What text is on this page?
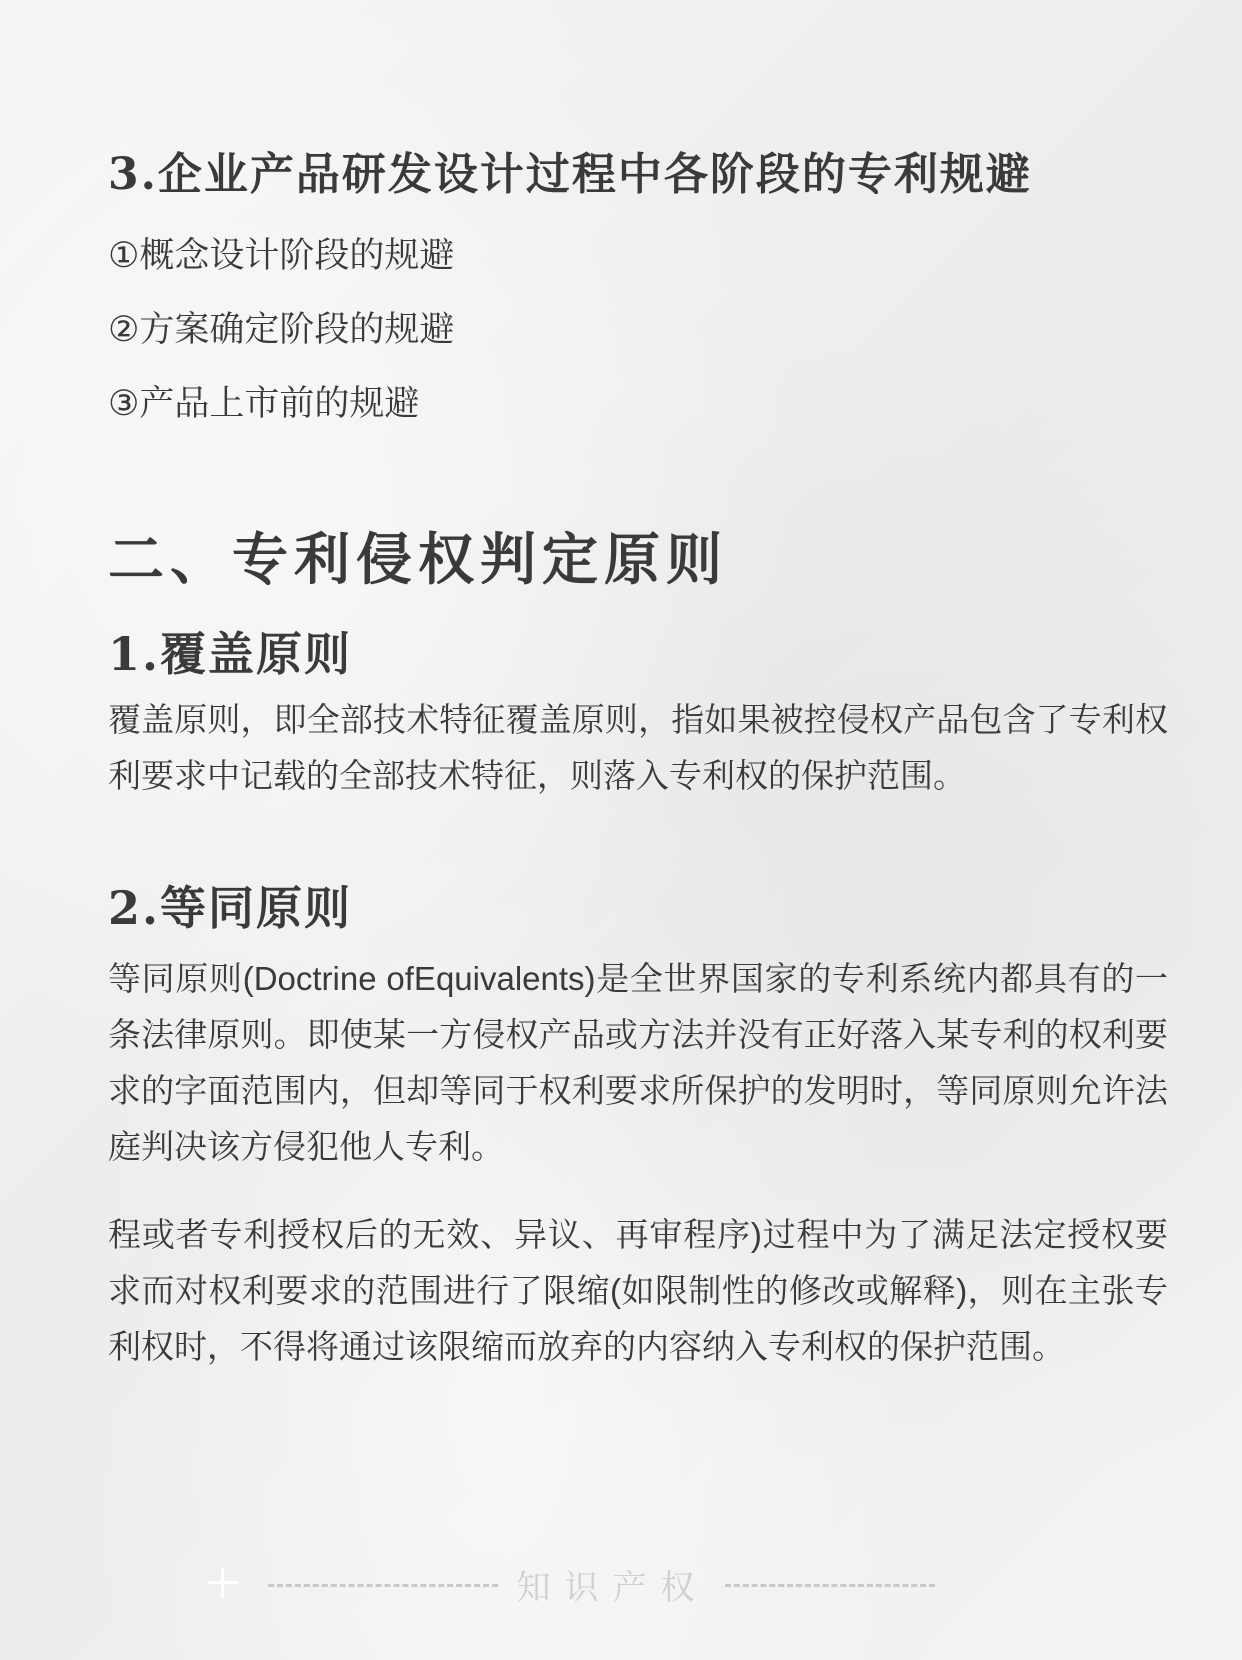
3.企业产品研发设计过程中各阶段的专利规避
①概念设计阶段的规避
②方案确定阶段的规避
③产品上市前的规避
二、专利侵权判定原则
1.覆盖原则
覆盖原则，即全部技术特征覆盖原则，指如果被控侵权产品包含了专利权利要求中记载的全部技术特征，则落入专利权的保护范围。
2.等同原则
等同原则(Doctrine ofEquivalents)是全世界国家的专利系统内都具有的一条法律原则。即使某一方侵权产品或方法并没有正好落入某专利的权利要求的字面范围内，但却等同于权利要求所保护的发明时，等同原则允许法庭判决该方侵犯他人专利。
程或者专利授权后的无效、异议、再审程序)过程中为了满足法定授权要求而对权利要求的范围进行了限缩(如限制性的修改或解释)，则在主张专利权时，不得将通过该限缩而放弃的内容纳入专利权的保护范围。
知识产权
